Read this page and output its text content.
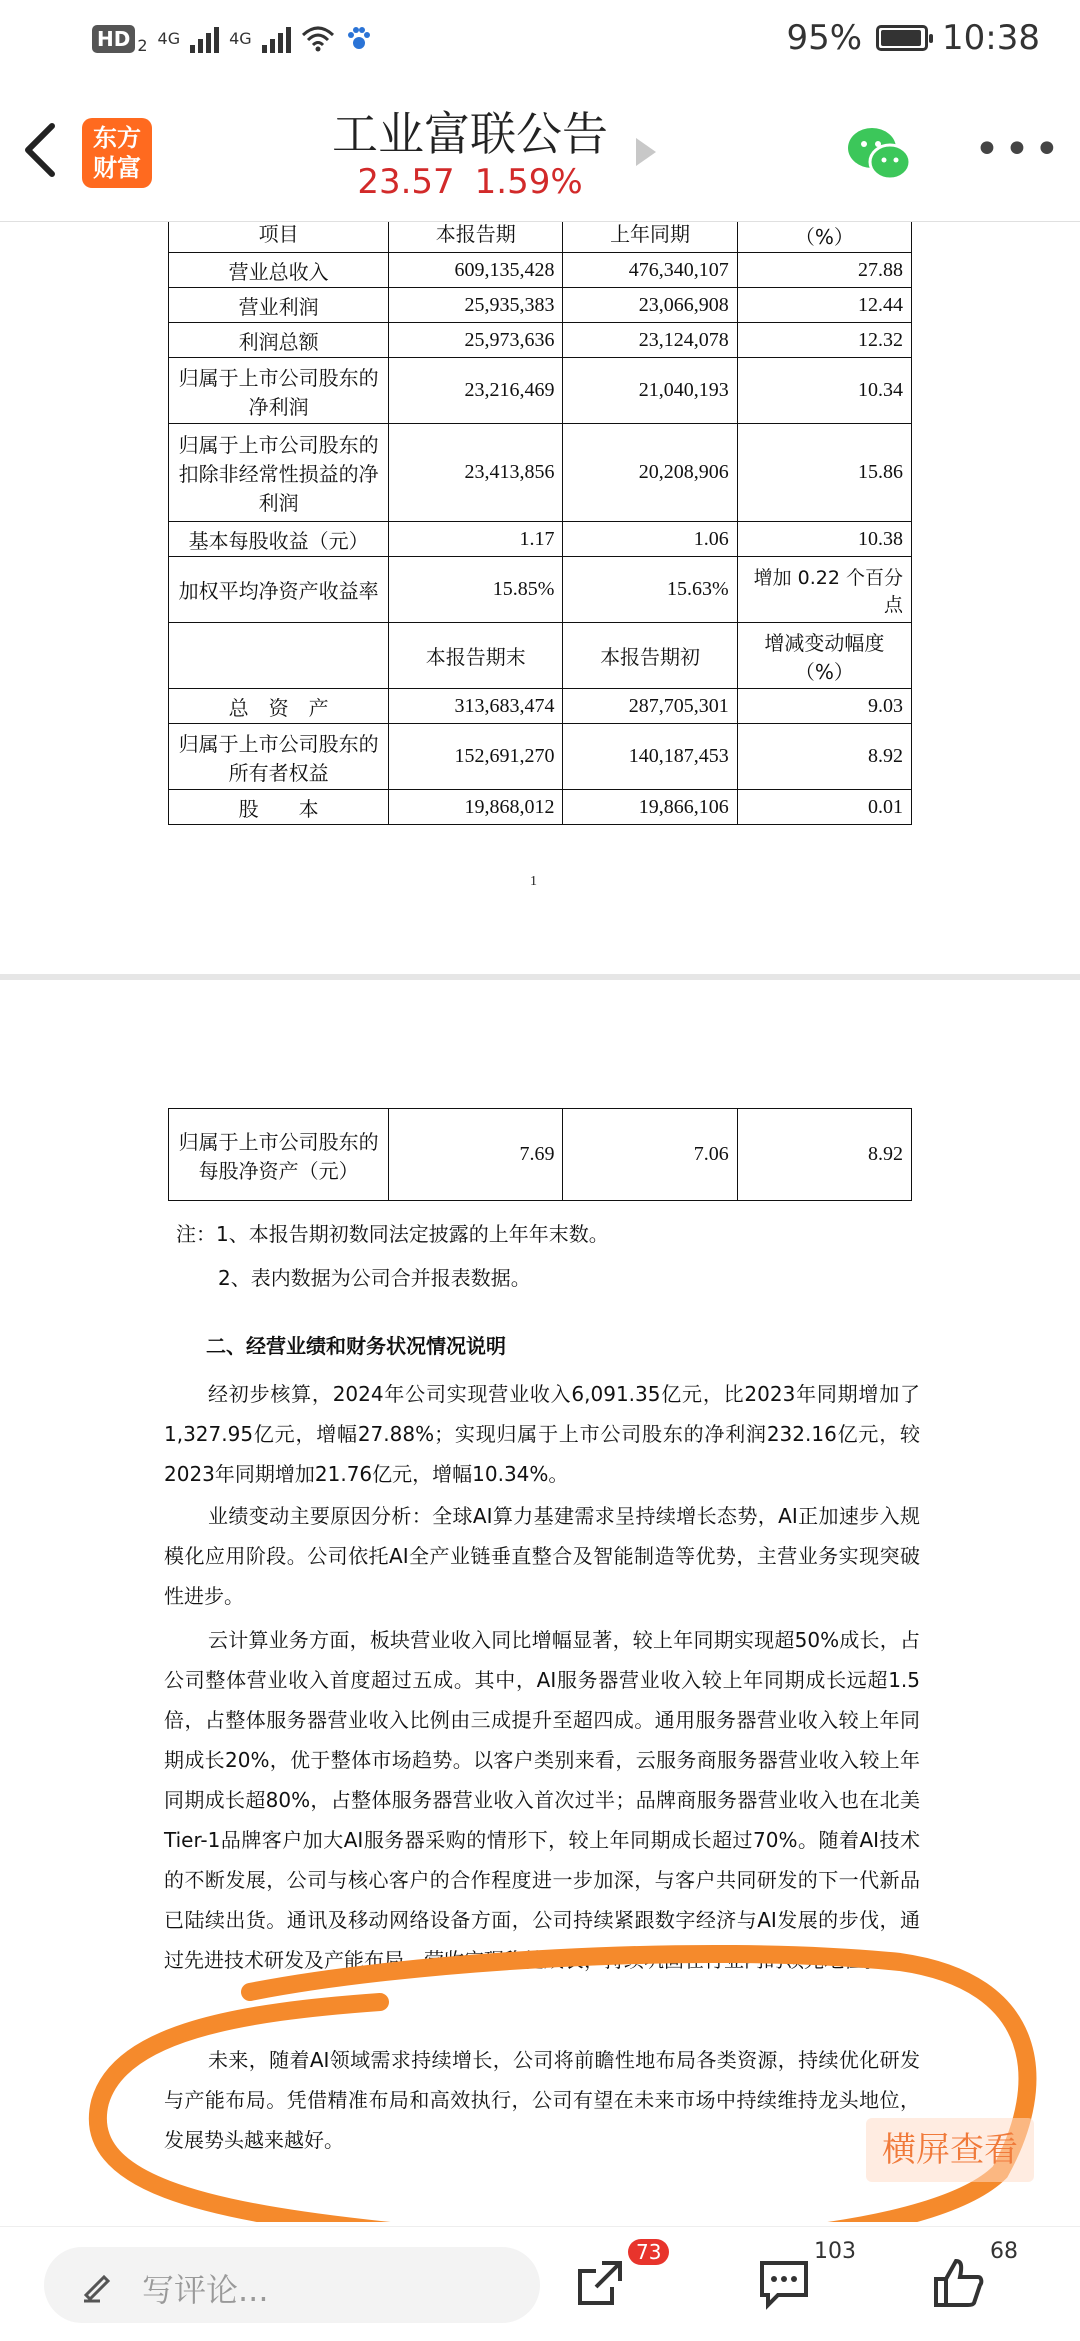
HD 2 4G	4G	95% 10:38
东方
财富
工业富联公告
23.57 1.59%
•••
项目	本报告期	上年同期	（%）
营业总收入	609,135,428	476,340,107	27.88
营业利润	25,935,383	23,066,908	12.44
利润总额	25,973,636	23,124,078	12.32
归属于上市公司股东的净利润	23,216,469	21,040,193	10.34
归属于上市公司股东的扣除非经常性损益的净利润	23,413,856	20,208,906	15.86
基本每股收益（元）	1.17	1.06	10.38
加权平均净资产收益率	15.85%	15.63%	增加 0.22 个百分点
	本报告期末	本报告期初	增减变动幅度（%）
总　资　产	313,683,474	287,705,301	9.03
归属于上市公司股东的所有者权益	152,691,270	140,187,453	8.92
股　　本	19,868,012	19,866,106	0.01
1
归属于上市公司股东的每股净资产（元）	7.69	7.06	8.92
注：1、本报告期初数同法定披露的上年年末数。
2、表内数据为公司合并报表数据。
二、经营业绩和财务状况情况说明
经初步核算，2024年公司实现营业收入6,091.35亿元，比2023年同期增加了1,327.95亿元，增幅27.88%；实现归属于上市公司股东的净利润232.16亿元，较2023年同期增加21.76亿元，增幅10.34%。
业绩变动主要原因分析：全球AI算力基建需求呈持续增长态势，AI正加速步入规模化应用阶段。公司依托AI全产业链垂直整合及智能制造等优势，主营业务实现突破性进步。
云计算业务方面，板块营业收入同比增幅显著，较上年同期实现超50%成长，占公司整体营业收入首度超过五成。其中，AI服务器营业收入较上年同期成长远超1.5倍，占整体服务器营业收入比例由三成提升至超四成。通用服务器营业收入较上年同期成长20%，优于整体市场趋势。以客户类别来看，云服务商服务器营业收入较上年同期成长超80%，占整体服务器营业收入首次过半；品牌商服务器营业收入也在北美Tier-1品牌客户加大AI服务器采购的情形下，较上年同期成长超过70%。随着AI技术的不断发展，公司与核心客户的合作程度进一步加深，与客户共同研发的下一代新品已陆续出货。通讯及移动网络设备方面，公司持续紧跟数字经济与AI发展的步伐，通过先进技术研发及产能布局，营收实现稳健成长，持续巩固在行业内的领先地位。
未来，随着AI领域需求持续增长，公司将前瞻性地布局各类资源，持续优化研发与产能布局。凭借精准布局和高效执行，公司有望在未来市场中持续维持龙头地位，发展势头越来越好。	横屏查看
写评论...
73	103	68
